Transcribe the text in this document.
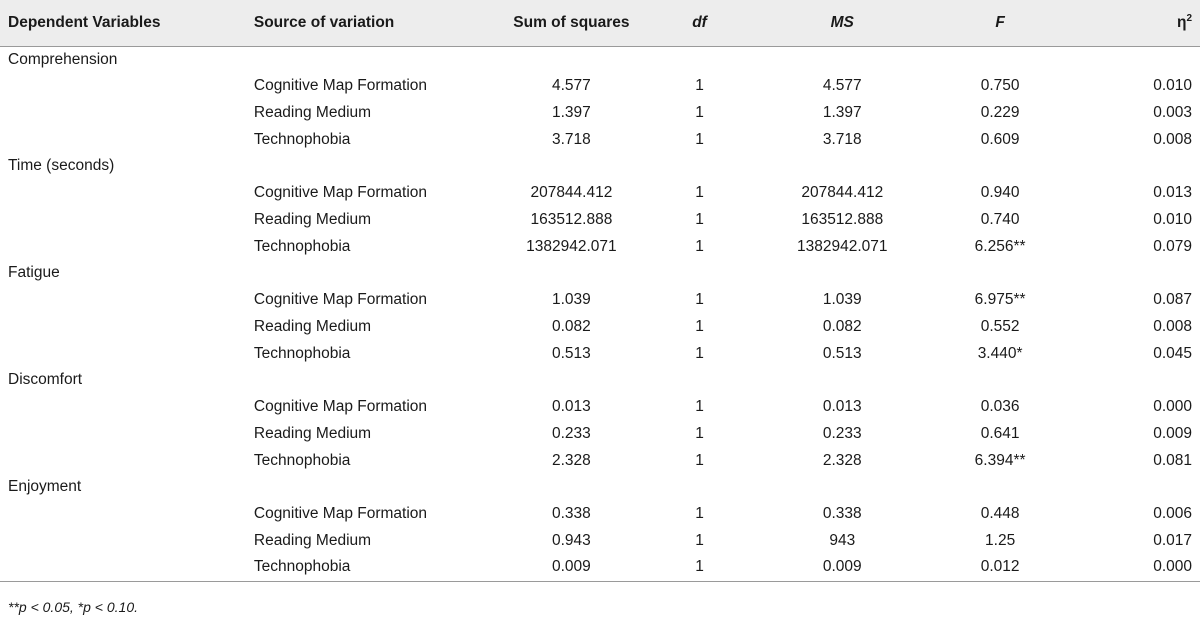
Dependent Variables	Source of variation	Sum of squares	df	MS	F	$\eta^2$
Comprehension						
	Cognitive Map Formation	4.577	1	4.577	0.750	0.010
	Reading Medium	1.397	1	1.397	0.229	0.003
	Technophobia	3.718	1	3.718	0.609	0.008
Time (seconds)						
	Cognitive Map Formation	207844.412	1	207844.412	0.940	0.013
	Reading Medium	163512.888	1	163512.888	0.740	0.010
	Technophobia	1382942.071	1	1382942.071	6.256**	0.079
Fatigue						
	Cognitive Map Formation	1.039	1	1.039	6.975**	0.087
	Reading Medium	0.082	1	0.082	0.552	0.008
	Technophobia	0.513	1	0.513	3.440*	0.045
Discomfort						
	Cognitive Map Formation	0.013	1	0.013	0.036	0.000
	Reading Medium	0.233	1	0.233	0.641	0.009
	Technophobia	2.328	1	2.328	6.394**	0.081
Enjoyment						
	Cognitive Map Formation	0.338	1	0.338	0.448	0.006
	Reading Medium	0.943	1	943	1.25	0.017
	Technophobia	0.009	1	0.009	0.012	0.000
**p < 0.05, *p < 0.10.
